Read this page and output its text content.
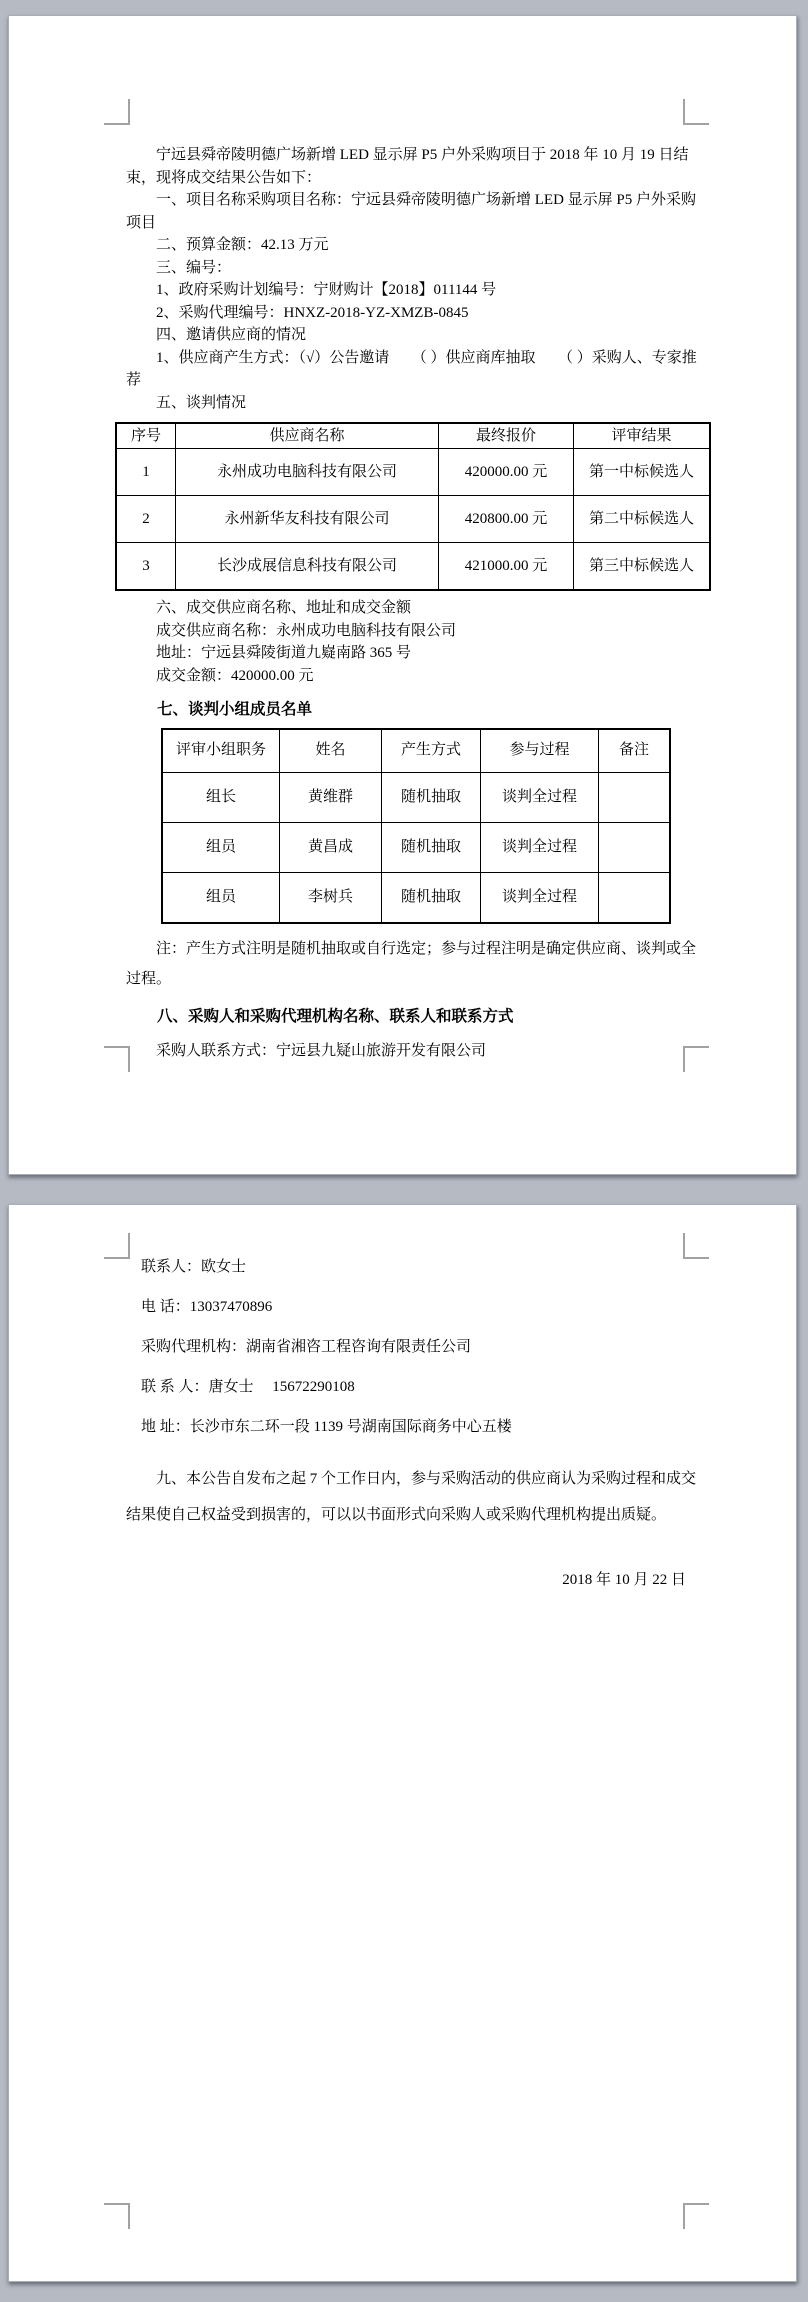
宁远县舜帝陵明德广场新增 LED 显示屏 P5 户外采购项目于 2018 年 10 月 19 日结束，现将成交结果公告如下：

一、项目名称采购项目名称：宁远县舜帝陵明德广场新增 LED 显示屏 P5 户外采购项目

二、预算金额：42.13 万元

三、编号：

1、政府采购计划编号：宁财购计【2018】011144 号

2、采购代理编号：HNXZ-2018-YZ-XMZB-0845

四、邀请供应商的情况

1、供应商产生方式：（√）公告邀请　　（ ）供应商库抽取　　（ ）采购人、专家推荐

五、谈判情况

序号	供应商名称	最终报价	评审结果
1	永州成功电脑科技有限公司	420000.00 元	第一中标候选人
2	永州新华友科技有限公司	420800.00 元	第二中标候选人
3	长沙成展信息科技有限公司	421000.00 元	第三中标候选人

六、成交供应商名称、地址和成交金额

成交供应商名称：永州成功电脑科技有限公司

地址：宁远县舜陵街道九嶷南路 365 号

成交金额：420000.00 元

七、谈判小组成员名单

评审小组职务	姓名	产生方式	参与过程	备注
组长	黄维群	随机抽取	谈判全过程	
组员	黄昌成	随机抽取	谈判全过程	
组员	李树兵	随机抽取	谈判全过程	

注：产生方式注明是随机抽取或自行选定；参与过程注明是确定供应商、谈判或全过程。

八、采购人和采购代理机构名称、联系人和联系方式

采购人联系方式：宁远县九疑山旅游开发有限公司

联系人：欧女士

电 话：13037470896

采购代理机构：湖南省湘咨工程咨询有限责任公司

联 系 人：唐女士　 15672290108

地 址：长沙市东二环一段 1139 号湖南国际商务中心五楼

九、本公告自发布之起 7 个工作日内，参与采购活动的供应商认为采购过程和成交结果使自己权益受到损害的，可以以书面形式向采购人或采购代理机构提出质疑。

2018 年 10 月 22 日
